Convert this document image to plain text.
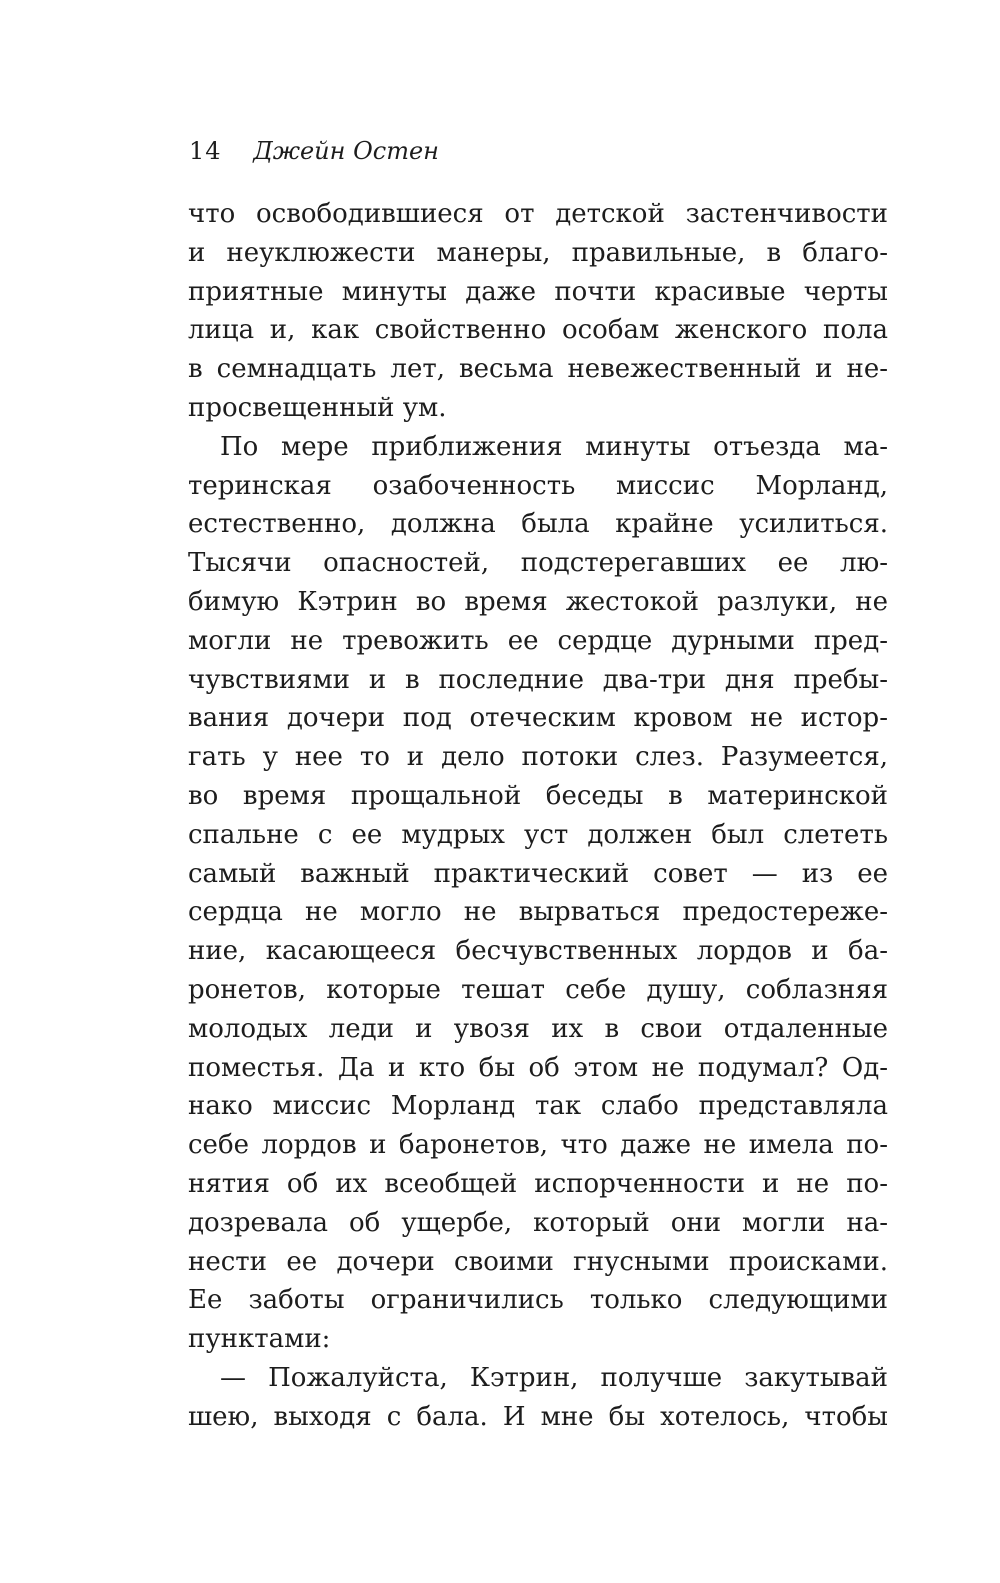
14 Джейн Остен
что освободившиеся от детской застенчивости
и неуклюжести манеры, правильные, в благо-
приятные минуты даже почти красивые черты
лица и, как свойственно особам женского пола
в семнадцать лет, весьма невежественный и не-
просвещенный ум.
По мере приближения минуты отъезда ма-
теринская озабоченность миссис Морланд,
естественно, должна была крайне усилиться.
Тысячи опасностей, подстерегавших ее лю-
бимую Кэтрин во время жестокой разлуки, не
могли не тревожить ее сердце дурными пред-
чувствиями и в последние два-три дня пребы-
вания дочери под отеческим кровом не истор-
гать у нее то и дело потоки слез. Разумеется,
во время прощальной беседы в материнской
спальне с ее мудрых уст должен был слететь
самый важный практический совет — из ее
сердца не могло не вырваться предостереже-
ние, касающееся бесчувственных лордов и ба-
ронетов, которые тешат себе душу, соблазняя
молодых леди и увозя их в свои отдаленные
поместья. Да и кто бы об этом не подумал? Од-
нако миссис Морланд так слабо представляла
себе лордов и баронетов, что даже не имела по-
нятия об их всеобщей испорченности и не по-
дозревала об ущербе, который они могли на-
нести ее дочери своими гнусными происками.
Ее заботы ограничились только следующими
пунктами:
— Пожалуйста, Кэтрин, получше закутывай
шею, выходя с бала. И мне бы хотелось, чтобы
